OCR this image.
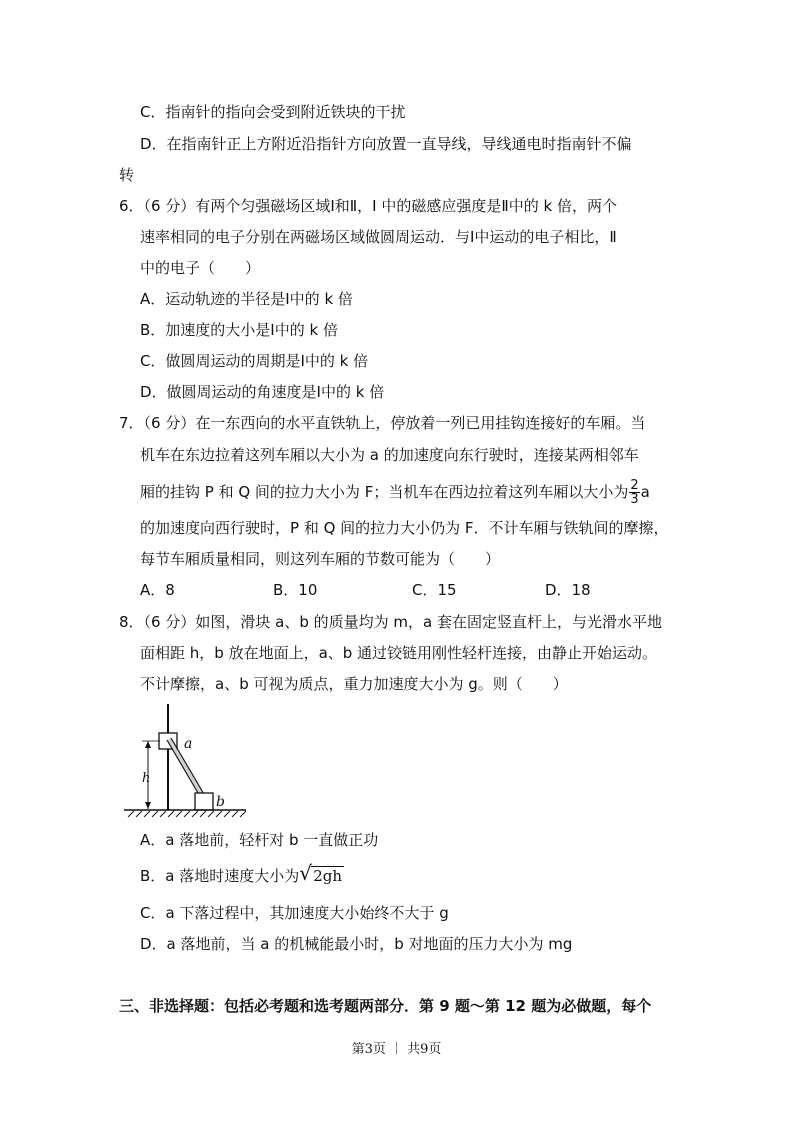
C．指南针的指向会受到附近铁块的干扰
D．在指南针正上方附近沿指针方向放置一直导线，导线通电时指南针不偏
转
6．（6 分）有两个匀强磁场区域Ⅰ和Ⅱ，I 中的磁感应强度是Ⅱ中的 k 倍，两个
速率相同的电子分别在两磁场区域做圆周运动．与Ⅰ中运动的电子相比，Ⅱ
中的电子（　　）
A．运动轨迹的半径是Ⅰ中的 k 倍
B．加速度的大小是Ⅰ中的 k 倍
C．做圆周运动的周期是Ⅰ中的 k 倍
D．做圆周运动的角速度是Ⅰ中的 k 倍
7．（6 分）在一东西向的水平直铁轨上，停放着一列已用挂钩连接好的车厢。当
机车在东边拉着这列车厢以大小为 a 的加速度向东行驶时，连接某两相邻车
厢的挂钩 P 和 Q 间的拉力大小为 F；当机车在西边拉着这列车厢以大小为 $\frac{2}{3}$ a
的加速度向西行驶时，P 和 Q 间的拉力大小仍为 F．不计车厢与铁轨间的摩擦，
每节车厢质量相同，则这列车厢的节数可能为（　　）
A．8	B．10	C．15	D．18
8．（6 分）如图，滑块 a、b 的质量均为 m，a 套在固定竖直杆上，与光滑水平地
面相距 h，b 放在地面上，a、b 通过铰链用刚性轻杆连接，由静止开始运动。
不计摩擦，a、b 可视为质点，重力加速度大小为 g。则（　　）
h
a
b
A．a 落地前，轻杆对 b 一直做正功
B．a 落地时速度大小为 √ 2gh
C．a 下落过程中，其加速度大小始终不大于 g
D．a 落地前，当 a 的机械能最小时，b 对地面的压力大小为 mg
三、非选择题：包括必考题和选考题两部分．第 9 题～第 12 题为必做题，每个
第3页 ｜ 共9页
